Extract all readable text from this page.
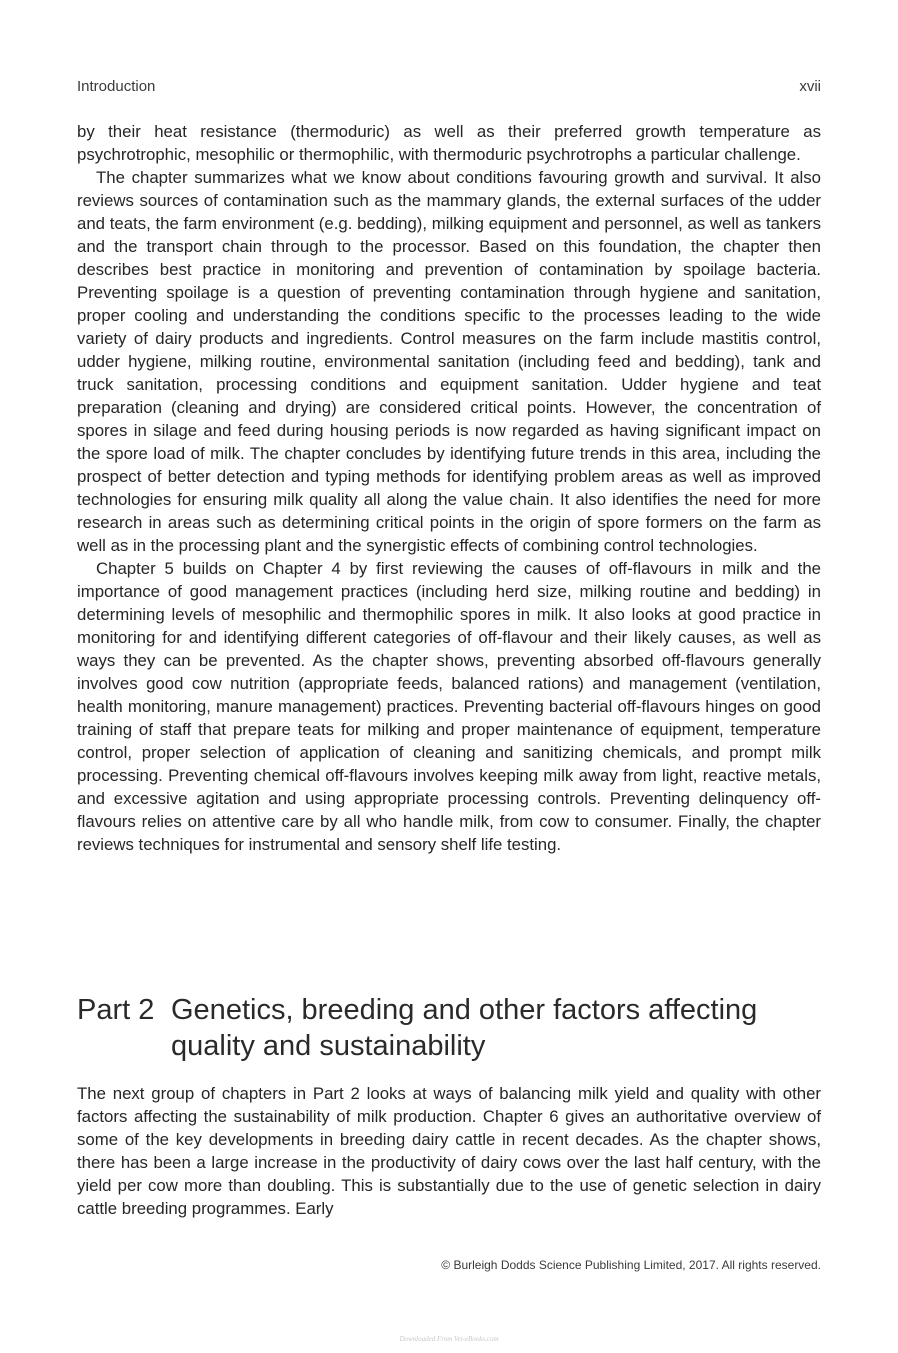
Introduction	xvii

by their heat resistance (thermoduric) as well as their preferred growth temperature as psychrotrophic, mesophilic or thermophilic, with thermoduric psychrotrophs a particular challenge.

The chapter summarizes what we know about conditions favouring growth and survival. It also reviews sources of contamination such as the mammary glands, the external surfaces of the udder and teats, the farm environment (e.g. bedding), milking equipment and personnel, as well as tankers and the transport chain through to the processor. Based on this foundation, the chapter then describes best practice in monitoring and prevention of contamination by spoilage bacteria. Preventing spoilage is a question of preventing contamination through hygiene and sanitation, proper cooling and understanding the conditions specific to the processes leading to the wide variety of dairy products and ingredients. Control measures on the farm include mastitis control, udder hygiene, milking routine, environmental sanitation (including feed and bedding), tank and truck sanitation, processing conditions and equipment sanitation. Udder hygiene and teat preparation (cleaning and drying) are considered critical points. However, the concentration of spores in silage and feed during housing periods is now regarded as having significant impact on the spore load of milk. The chapter concludes by identifying future trends in this area, including the prospect of better detection and typing methods for identifying problem areas as well as improved technologies for ensuring milk quality all along the value chain. It also identifies the need for more research in areas such as determining critical points in the origin of spore formers on the farm as well as in the processing plant and the synergistic effects of combining control technologies.

Chapter 5 builds on Chapter 4 by first reviewing the causes of off-flavours in milk and the importance of good management practices (including herd size, milking routine and bedding) in determining levels of mesophilic and thermophilic spores in milk. It also looks at good practice in monitoring for and identifying different categories of off-flavour and their likely causes, as well as ways they can be prevented. As the chapter shows, preventing absorbed off-flavours generally involves good cow nutrition (appropriate feeds, balanced rations) and management (ventilation, health monitoring, manure management) practices. Preventing bacterial off-flavours hinges on good training of staff that prepare teats for milking and proper maintenance of equipment, temperature control, proper selection of application of cleaning and sanitizing chemicals, and prompt milk processing. Preventing chemical off-flavours involves keeping milk away from light, reactive metals, and excessive agitation and using appropriate processing controls. Preventing delinquency off-flavours relies on attentive care by all who handle milk, from cow to consumer. Finally, the chapter reviews techniques for instrumental and sensory shelf life testing.

Part 2 Genetics, breeding and other factors affecting quality and sustainability

The next group of chapters in Part 2 looks at ways of balancing milk yield and quality with other factors affecting the sustainability of milk production. Chapter 6 gives an authoritative overview of some of the key developments in breeding dairy cattle in recent decades. As the chapter shows, there has been a large increase in the productivity of dairy cows over the last half century, with the yield per cow more than doubling. This is substantially due to the use of genetic selection in dairy cattle breeding programmes. Early

© Burleigh Dodds Science Publishing Limited, 2017. All rights reserved.
Downloaded From Vet-eBooks.com
